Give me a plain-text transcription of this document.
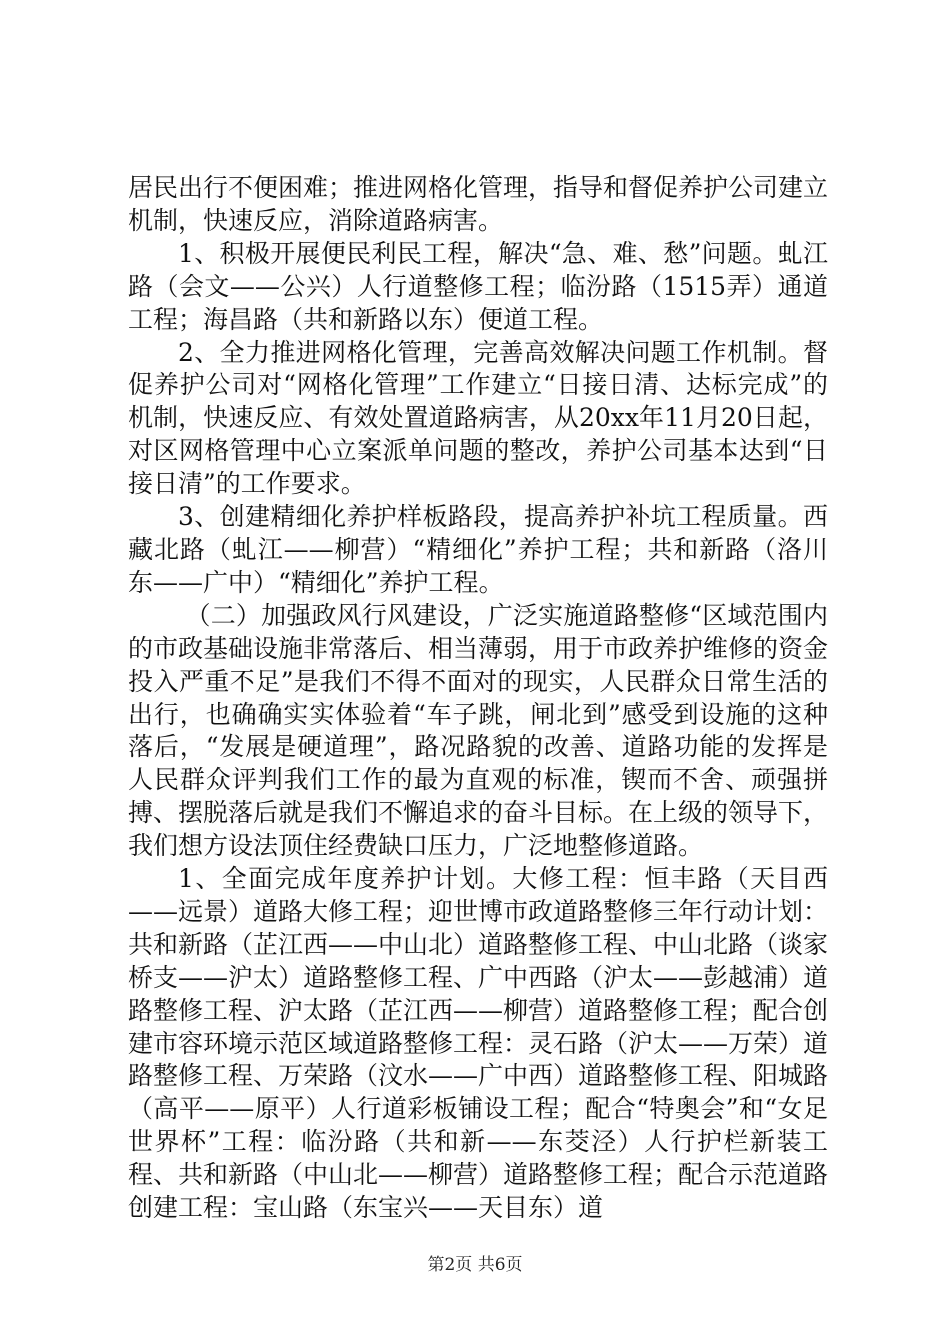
居民出行不便困难；推进网格化管理，指导和督促养护公司建立机制，快速反应，消除道路病害。

1、积极开展便民利民工程，解决“急、难、愁”问题。虬江路（会文——公兴）人行道整修工程；临汾路（1515弄）通道工程；海昌路（共和新路以东）便道工程。

2、全力推进网格化管理，完善高效解决问题工作机制。督促养护公司对“网格化管理”工作建立“日接日清、达标完成”的机制，快速反应、有效处置道路病害，从20xx年11月20日起，对区网格管理中心立案派单问题的整改，养护公司基本达到“日接日清”的工作要求。

3、创建精细化养护样板路段，提高养护补坑工程质量。西藏北路（虬江——柳营）“精细化”养护工程；共和新路（洛川东——广中）“精细化”养护工程。

（二）加强政风行风建设，广泛实施道路整修“区域范围内的市政基础设施非常落后、相当薄弱，用于市政养护维修的资金投入严重不足”是我们不得不面对的现实，人民群众日常生活的出行，也确确实实体验着“车子跳，闸北到”感受到设施的这种落后，“发展是硬道理”，路况路貌的改善、道路功能的发挥是人民群众评判我们工作的最为直观的标准，锲而不舍、顽强拼搏、摆脱落后就是我们不懈追求的奋斗目标。在上级的领导下，我们想方设法顶住经费缺口压力，广泛地整修道路。

1、全面完成年度养护计划。大修工程：恒丰路（天目西——远景）道路大修工程；迎世博市政道路整修三年行动计划：共和新路（芷江西——中山北）道路整修工程、中山北路（谈家桥支——沪太）道路整修工程、广中西路（沪太——彭越浦）道路整修工程、沪太路（芷江西——柳营）道路整修工程；配合创建市容环境示范区域道路整修工程：灵石路（沪太——万荣）道路整修工程、万荣路（汶水——广中西）道路整修工程、阳城路（高平——原平）人行道彩板铺设工程；配合“特奥会”和“女足世界杯”工程：临汾路（共和新——东茭泾）人行护栏新装工程、共和新路（中山北——柳营）道路整修工程；配合示范道路创建工程：宝山路（东宝兴——天目东）道

第2页 共6页
